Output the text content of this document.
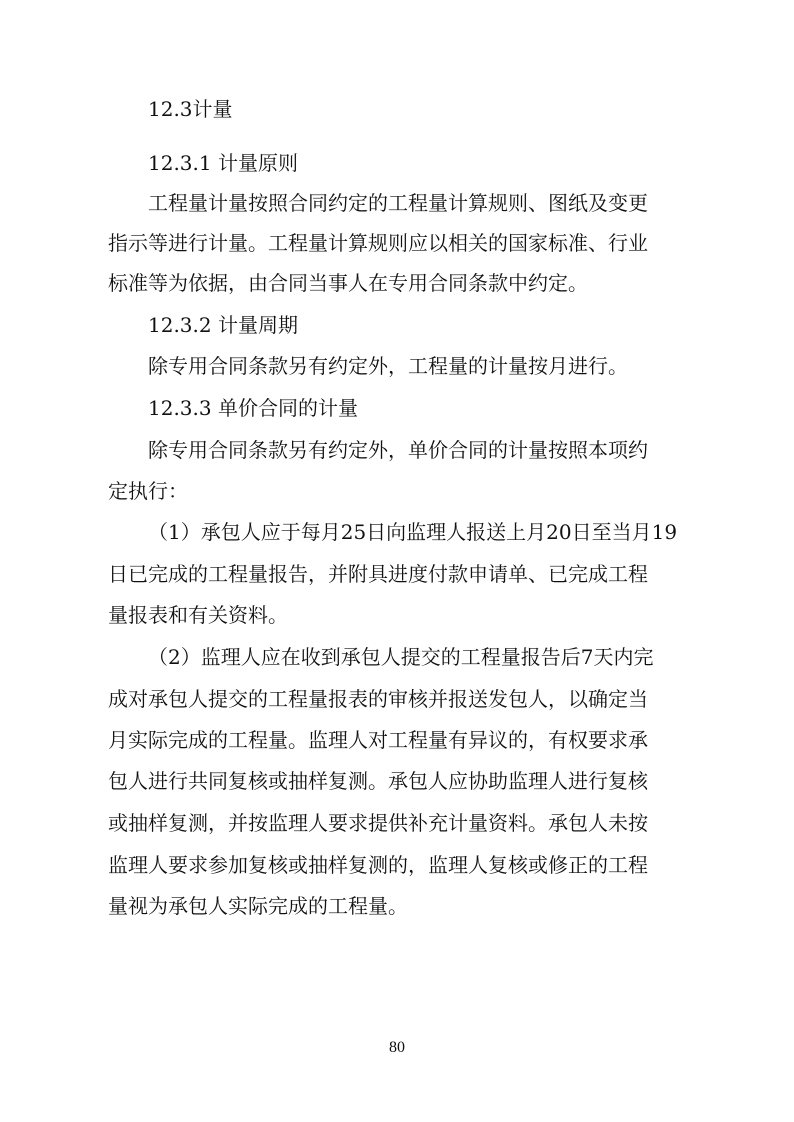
12.3计量
12.3.1 计量原则
工程量计量按照合同约定的工程量计算规则、图纸及变更
指示等进行计量。工程量计算规则应以相关的国家标准、行业
标准等为依据，由合同当事人在专用合同条款中约定。
12.3.2 计量周期
除专用合同条款另有约定外，工程量的计量按月进行。
12.3.3 单价合同的计量
除专用合同条款另有约定外，单价合同的计量按照本项约
定执行：
（1）承包人应于每月25日向监理人报送上月20日至当月19
日已完成的工程量报告，并附具进度付款申请单、已完成工程
量报表和有关资料。
（2）监理人应在收到承包人提交的工程量报告后7天内完
成对承包人提交的工程量报表的审核并报送发包人，以确定当
月实际完成的工程量。监理人对工程量有异议的，有权要求承
包人进行共同复核或抽样复测。承包人应协助监理人进行复核
或抽样复测，并按监理人要求提供补充计量资料。承包人未按
监理人要求参加复核或抽样复测的，监理人复核或修正的工程
量视为承包人实际完成的工程量。
80
